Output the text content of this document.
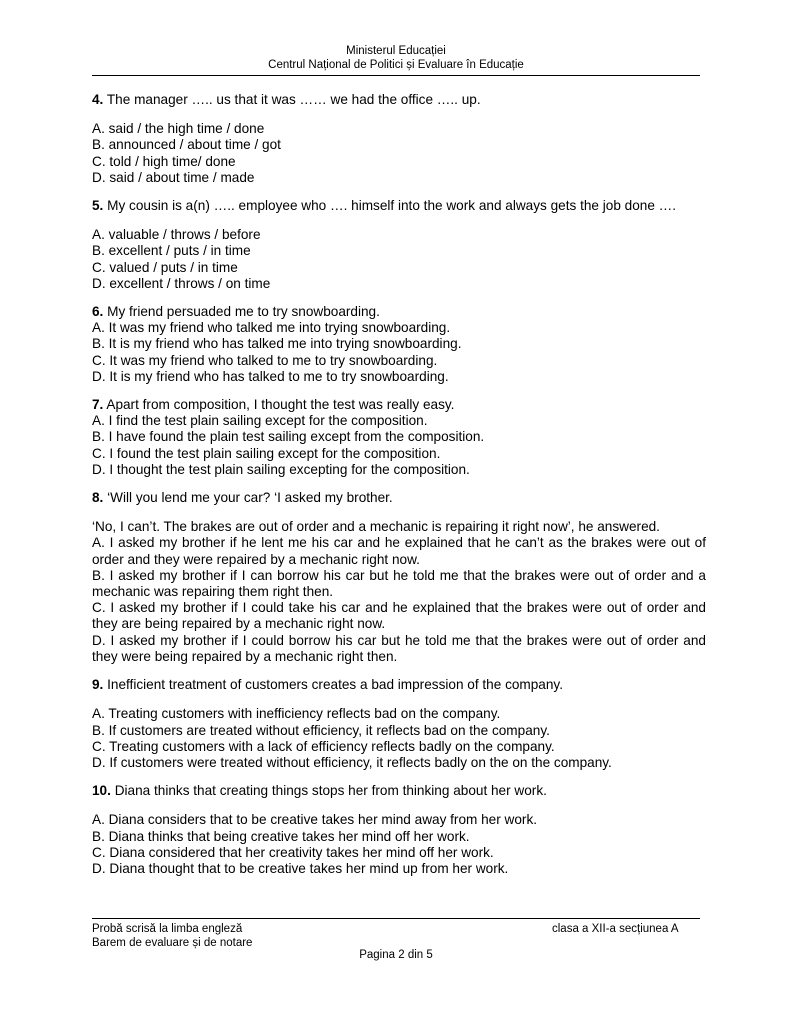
Ministerul Educației
Centrul Național de Politici și Evaluare în Educație

4. The manager ….. us that it was …… we had the office ….. up.

A. said / the high time / done

B. announced / about time / got

C. told / high time/ done

D. said / about time / made

5. My cousin is a(n) ….. employee who …. himself into the work and always gets the job done ….

A. valuable / throws / before

B. excellent / puts / in time

C. valued / puts / in time

D. excellent / throws / on time

6. My friend persuaded me to try snowboarding.

A. It was my friend who talked me into trying snowboarding.

B. It is my friend who has talked me into trying snowboarding.

C. It was my friend who talked to me to try snowboarding.

D. It is my friend who has talked to me to try snowboarding.

7. Apart from composition, I thought the test was really easy.

A. I find the test plain sailing except for the composition.

B. I have found the plain test sailing except from the composition.

C. I found the test plain sailing except for the composition.

D. I thought the test plain sailing excepting for the composition.

8. ‘Will you lend me your car? ‘I asked my brother.

‘No, I can’t. The brakes are out of order and a mechanic is repairing it right now’, he answered.

A. I asked my brother if he lent me his car and he explained that he can’t as the brakes were out of order and they were repaired by a mechanic right now.

B. I asked my brother if I can borrow his car but he told me that the brakes were out of order and a mechanic was repairing them right then.

C. I asked my brother if I could take his car and he explained that the brakes were out of order and they are being repaired by a mechanic right now.

D. I asked my brother if I could borrow his car but he told me that the brakes were out of order and they were being repaired by a mechanic right then.

9. Inefficient treatment of customers creates a bad impression of the company.

A. Treating customers with inefficiency reflects bad on the company.

B. If customers are treated without efficiency, it reflects bad on the company.

C. Treating customers with a lack of efficiency reflects badly on the company.

D. If customers were treated without efficiency, it reflects badly on the on the company.

10. Diana thinks that creating things stops her from thinking about her work.

A. Diana considers that to be creative takes her mind away from her work.

B. Diana thinks that being creative takes her mind off her work.

C. Diana considered that her creativity takes her mind off her work.

D. Diana thought that to be creative takes her mind up from her work.

Probă scrisă la limba engleză
Barem de evaluare și de notare
clasa a XII-a secțiunea A
Pagina 2 din 5
